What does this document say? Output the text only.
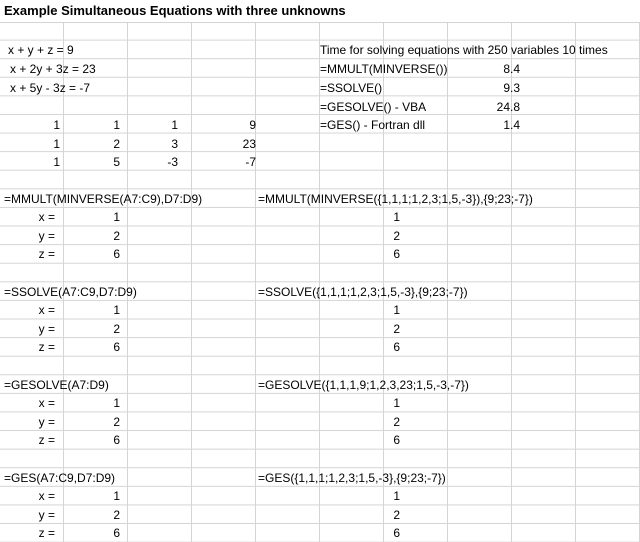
Example Simultaneous Equations with three unknowns
x + y + z = 9
x + 2y + 3z = 23
x + 5y - 3z = -7
Time for solving equations with 250 variables 10 times
=MMULT(MINVERSE())	8.4
=SSOLVE()	9.3
=GESOLVE() - VBA	24.8
=GES() - Fortran dll	1.4
1	1	1	9
1	2	3	23
1	5	-3	-7
=MMULT(MINVERSE(A7:C9),D7:D9)	=MMULT(MINVERSE({1,1,1;1,2,3;1,5,-3}),{9;23;-7})
x =	1	1
y =	2	2
z =	6	6
=SSOLVE(A7:C9,D7:D9)	=SSOLVE({1,1,1;1,2,3;1,5,-3},{9;23;-7})
x =	1	1
y =	2	2
z =	6	6
=GESOLVE(A7:D9)	=GESOLVE({1,1,1,9;1,2,3,23;1,5,-3,-7})
x =	1	1
y =	2	2
z =	6	6
=GES(A7:C9,D7:D9)	=GES({1,1,1;1,2,3;1,5,-3},{9;23;-7})
x =	1	1
y =	2	2
z =	6	6
